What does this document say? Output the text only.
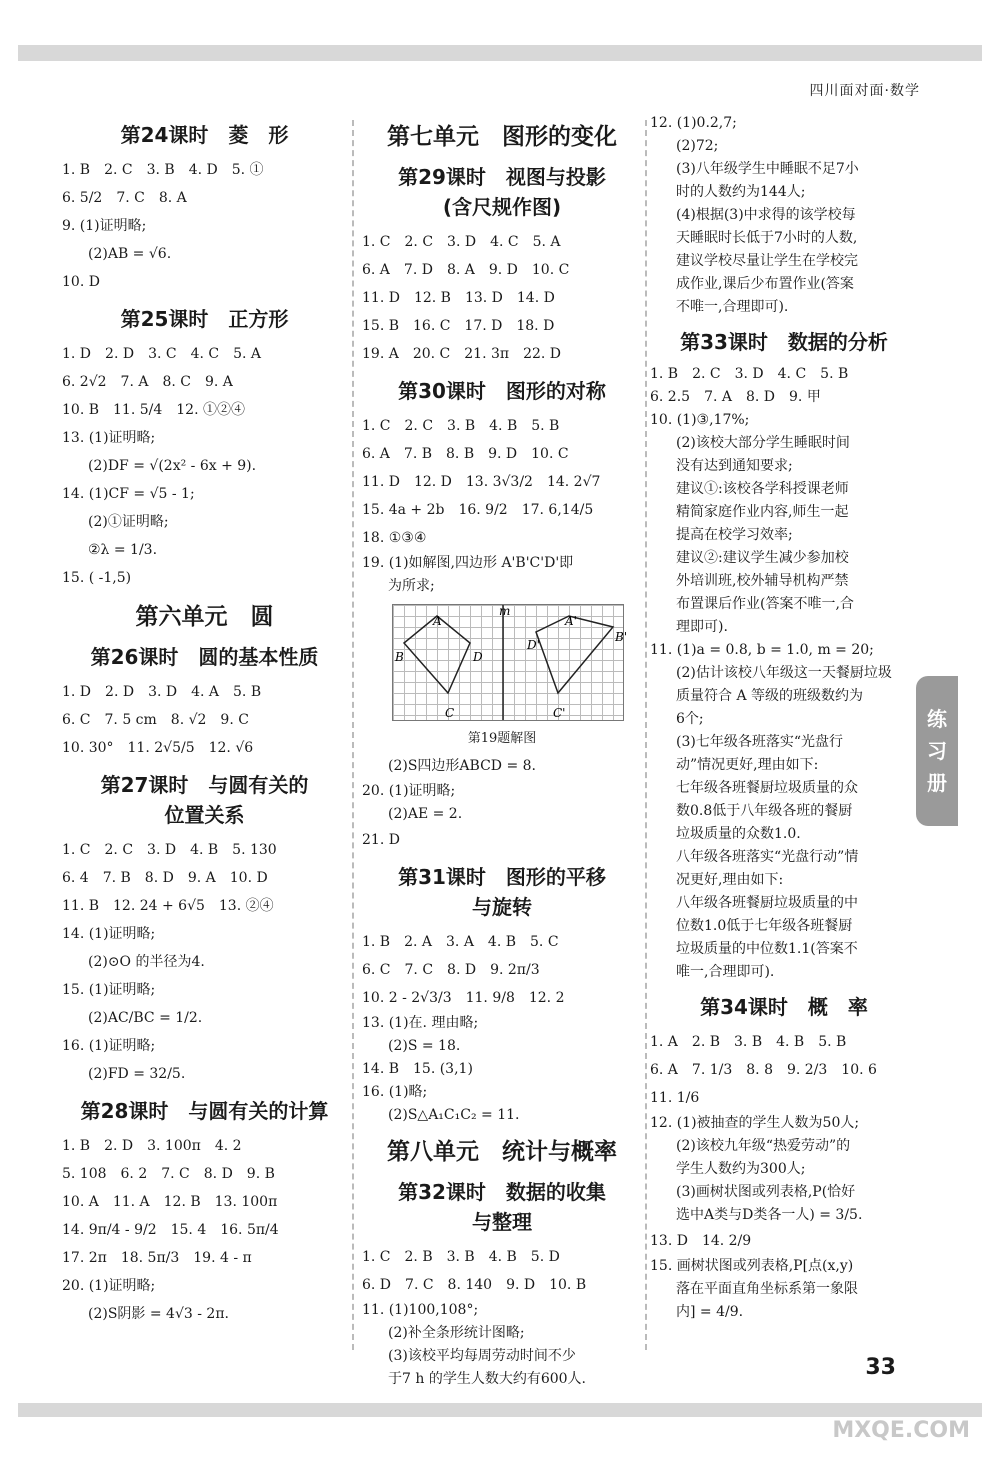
四川面对面·数学
第24课时　菱　形
1. B　2. C　3. B　4. D　5. ①
6. 5/2　7. C　8. A
9. (1)证明略;
(2)AB = √6.
10. D
第25课时　正方形
1. D　2. D　3. C　4. C　5. A
6. 2√2　7. A　8. C　9. A
10. B　11. 5/4　12. ①②④
13. (1)证明略;
(2)DF = √(2x² - 6x + 9).
14. (1)CF = √5 - 1;
(2)①证明略;
②λ = 1/3.
15. ( -1,5)
第六单元　圆
第26课时　圆的基本性质
1. D　2. D　3. D　4. A　5. B
6. C　7. 5 cm　8. √2　9. C
10. 30°　11. 2√5/5　12. √6
第27课时　与圆有关的
位置关系
1. C　2. C　3. D　4. B　5. 130
6. 4　7. B　8. D　9. A　10. D
11. B　12. 24 + 6√5　13. ②④
14. (1)证明略;
(2)⊙O 的半径为4.
15. (1)证明略;
(2)AC/BC = 1/2.
16. (1)证明略;
(2)FD = 32/5.
第28课时　与圆有关的计算
1. B　2. D　3. 100π　4. 2
5. 108　6. 2　7. C　8. D　9. B
10. A　11. A　12. B　13. 100π
14. 9π/4 - 9/2　15. 4　16. 5π/4
17. 2π　18. 5π/3　19. 4 - π
20. (1)证明略;
(2)S阴影 = 4√3 - 2π.
第七单元　图形的变化
第29课时　视图与投影
(含尺规作图)
1. C　2. C　3. D　4. C　5. A
6. A　7. D　8. A　9. D　10. C
11. D　12. B　13. D　14. D
15. B　16. C　17. D　18. D
19. A　20. C　21. 3π　22. D
第30课时　图形的对称
1. C　2. C　3. B　4. B　5. B
6. A　7. B　8. B　9. D　10. C
11. D　12. D　13. 3√3/2　14. 2√7
15. 4a + 2b　16. 9/2　17. 6,14/5
18. ①③④
19. (1)如解图,四边形 A'B'C'D'即
为所求;
m
A
B
C
D
A'
B'
C'
D'
第19题解图
(2)S四边形ABCD = 8.
20. (1)证明略;
(2)AE = 2.
21. D
第31课时　图形的平移
与旋转
1. B　2. A　3. A　4. B　5. C
6. C　7. C　8. D　9. 2π/3
10. 2 - 2√3/3　11. 9/8　12. 2
13. (1)在. 理由略;
(2)S = 18.
14. B　15. (3,1)
16. (1)略;
(2)S△A₁C₁C₂ = 11.
第八单元　统计与概率
第32课时　数据的收集
与整理
1. C　2. B　3. B　4. B　5. D
6. D　7. C　8. 140　9. D　10. B
11. (1)100,108°;
(2)补全条形统计图略;
(3)该校平均每周劳动时间不少
于7 h 的学生人数大约有600人.
12. (1)0.2,7;
(2)72;
(3)八年级学生中睡眠不足7小
时的人数约为144人;
(4)根据(3)中求得的该学校每
天睡眠时长低于7小时的人数,
建议学校尽量让学生在学校完
成作业,课后少布置作业(答案
不唯一,合理即可).
第33课时　数据的分析
1. B　2. C　3. D　4. C　5. B
6. 2.5　7. A　8. D　9. 甲
10. (1)③,17%;
(2)该校大部分学生睡眠时间
没有达到通知要求;
建议①:该校各学科授课老师
精简家庭作业内容,师生一起
提高在校学习效率;
建议②:建议学生减少参加校
外培训班,校外辅导机构严禁
布置课后作业(答案不唯一,合
理即可).
11. (1)a = 0.8, b = 1.0, m = 20;
(2)估计该校八年级这一天餐厨垃圾
质量符合 A 等级的班级数约为
6个;
(3)七年级各班落实“光盘行
动”情况更好,理由如下:
七年级各班餐厨垃圾质量的众
数0.8低于八年级各班的餐厨
垃圾质量的众数1.0.
八年级各班落实“光盘行动”情
况更好,理由如下:
八年级各班餐厨垃圾质量的中
位数1.0低于七年级各班餐厨
垃圾质量的中位数1.1(答案不
唯一,合理即可).
第34课时　概　率
1. A　2. B　3. B　4. B　5. B
6. A　7. 1/3　8. 8　9. 2/3　10. 6
11. 1/6
12. (1)被抽查的学生人数为50人;
(2)该校九年级“热爱劳动”的
学生人数约为300人;
(3)画树状图或列表格,P(恰好
选中A类与D类各一人) = 3/5.
13. D　14. 2/9
15. 画树状图或列表格,P[点(x,y)
落在平面直角坐标系第一象限
内] = 4/9.
练
习
册
33
MXQE.COM
